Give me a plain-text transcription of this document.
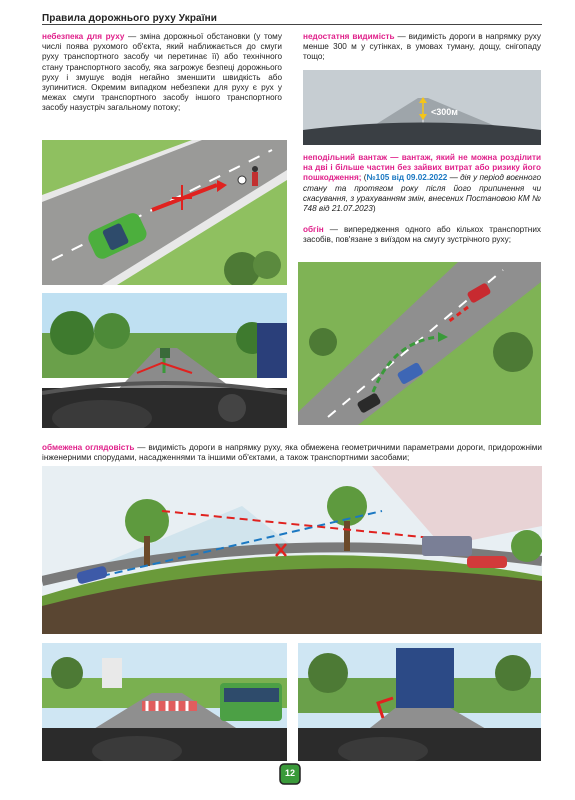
Правила дорожнього руху України
небезпека для руху — зміна дорожньої обстановки (у тому числі поява рухомого об'єкта, який наближається до смуги руху транспортного засобу чи перетинає її) або технічного стану транспортного засобу, яка загрожує безпеці дорожнього руху і змушує водія негайно зменшити швидкість або зупинитися. Окремим випадком небезпеки для руху є рух у межах смуги транспортного засобу іншого транспортного засобу назустріч загальному потоку;
недостатня видимість — видимість дороги в напрямку руху менше 300 м у сутінках, в умовах туману, дощу, снігопаду тощо;
<300м
неподільний вантаж — вантаж, який не можна розділити на дві і більше частин без зайвих витрат або ризику його пошкодження; (№105 від 09.02.2022 — дія у період воєнного стану та протягом року після його припинення чи скасування, з урахуванням змін, внесених Постановою КМ № 748 від 21.07.2023)
обгін — випередження одного або кількох транспортних засобів, пов'язане з виїздом на смугу зустрічного руху;
обмежена оглядовість — видимість дороги в напрямку руху, яка обмежена геометричними параметрами дороги, придорожніми інженерними спорудами, насадженнями та іншими об'єктами, а також транспортними засобами;
12
